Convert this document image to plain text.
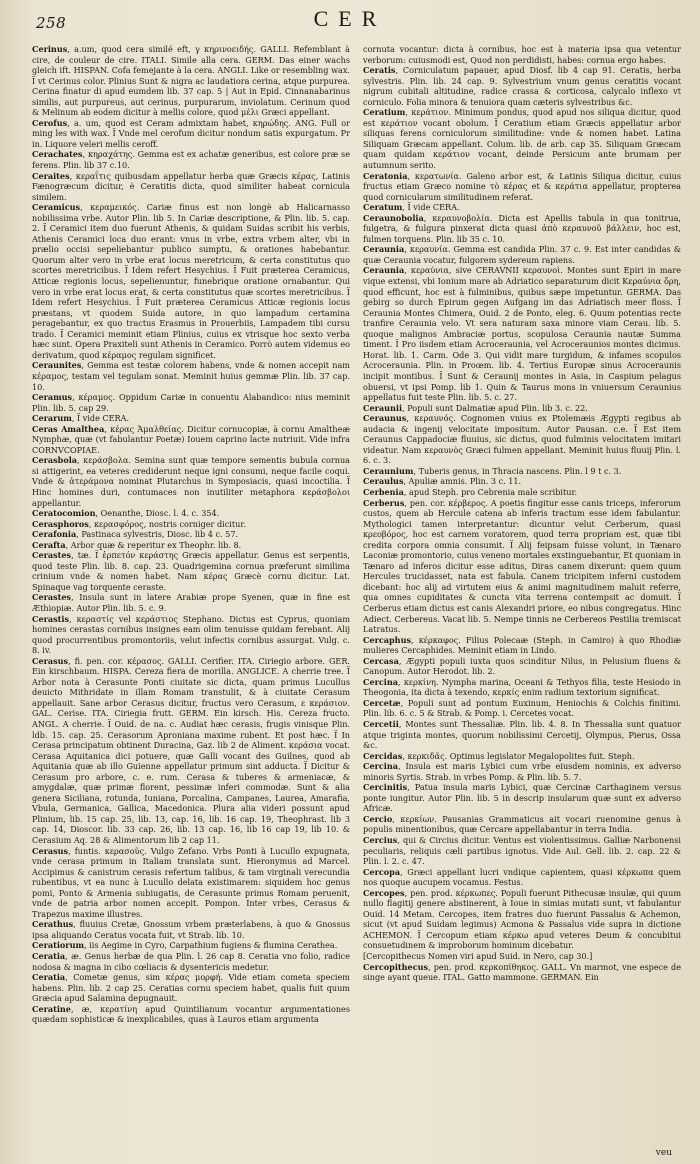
258	CER

Cerinus, a.um, quod cera similé eft, γ κηρινοειδής. GALLI. Refemblant à cire, de couleur de cire. ITALI. Simile alla cera. GERM. Das einer wachs gleich ift. HISPAN. Cofa femejante à la cera. ANGLI. Like or resembling wax. Ї vt Cerinus color. Plinius Sunt & nigra ac laudatiora cerina, atque purpurea. Cerina finatur di apud eumdem lib. 37 cap. 5 | Aut in Epid. Cinnanabarinus similis, aut purpureus, aut cerinus, purpurarum, inviolatum. Cerinum quod & Melinum ab eodem dicitur à mellis colore, quod μέλι Græci appellant.

Cerofus, a. um, quod est Ceram admixtam habet, κηρώδης. ANG. Full or ming les with wax. Ї Vnde mel cerofum dicitur nondum satis expurgatum. Pr in. Liquore veleri mellis ceroff.

Cerachates, κηραχάτης. Gemma est ex achatæ generibus, est colore præ se ferens. Plin. lib 37 c.10.

Ceraites, κεραΐτις quibusdam appellatur herba quæ Græcis κέρας, Latinis Fænogræcum dicitur, è Ceratitis dicta, quod similiter habeat cornicula similem.

Ceramicus, κεραμεικός. Cariæ finus est non longè ab Halicarnasso nobilissima vrbe. Autor Plin. lib 5. In Cariæ descriptione, & Plin. lib. 5. cap. 2. Ї Ceramici item duo fuerunt Athenis, & quidam Suidas scribit his verbis, Athenis Ceramici loca duo erant: vnus in vrbe, extra vrbem alter, vbi in prælio occisi sepeliebantur publico sumptu, & orationes habebantur. Quorum alter vero in vrbe erat locus meretricum, & certa constitutus quo scortes meretricibus. Ї Idem refert Hesychius. Ї Fuit præterea Ceramicus, Atticæ regionis locus, sepelienuntur, funebrique oratione ornabantur. Qui vero in vrbe erat locus erat, & certa constitutus quæ scortes meretricibus. Ї Idem refert Hesychius. Ї Fuit præterea Ceramicus Atticæ regionis locus præstans, vt quodem Suida autore, in quo lampadum certamina peragebantur, ex quo tractus Erasmus in Prouerbiis, Lampadem tibi cursu trado. Ї Ceramici meminit etiam Plinius, cuius ex vtrisque hoc sexto verba hæc sunt. Opera Praxiteli sunt Athenis in Ceramico. Porrò autem videmus eo derivatum, quod κέραμος regulam significet.

Ceraunites, Gemma est testæ colorem habens, vnde & nomen accepit nam κέραμος, testam vel tegulam sonat. Meminit huius gemmæ Plin. lib. 37 cap. 10.

Ceramus, κέραμος. Oppidum Cariæ in conuentu Alabandico: nius meminit Plin. lib. 5. cap 29.

Cerarum, Ї vide CERA.

Ceras Amalthea, κέρας Ἀμαλθείας. Dicitur cornucopiæ, à cornu Amaltheæ Nymphæ, quæ (vt fabulantur Poetæ) Iouem caprino lacte nutriuit. Vide infra CORNVCOPIAE.

Cerasbola, κεράσβολα. Semina sunt quæ tempore sementis bubula cornua si attigerint, ea veteres crediderunt neque igni consumi, neque facile coqui. Vnde & ἀτεράμονα nominat Plutarchus in Symposiacis, quasi incoctilia. Ї Hinc homines duri, contumaces non inutiliter metaphora κεράσβολοι appellantur.

Ceratocomion, Oenanthe, Diosc. l. 4. c. 354.

Cerasphoros, κερασφόρος, nostris corniger dicitur.

Cerafonia, Pastinaca sylvestris, Diosc. lib 4 c. 57.

Cerafta, Arbor quæ & reperitur ex Theophr. lib. 8.

Cerastes, tæ. Ї ἐρπετόν κεράστης Græcis appellatur. Genus est serpentis, quod teste Plin. lib. 8. cap. 23. Quadrigemina cornua præferunt similima crinium vnde & nomen habet. Nam κέρας Græcè cornu dicitur. Lat. Spinaque vag torquente ceraste.

Cerastes, Insula sunt in latere Arabiæ prope Syenen, quæ in fine est Æthiopiæ. Autor Plin. lib. 5. c. 9.

Cerastis, κεραστίς vel κεράστιος Stephano. Dictus est Cyprus, quoniam homines cerastas cornibus insignes eam olim tenuisse quidam ferebant. Alij quod procurrentibus promontoriis, velut infectis cornibus assurgat. Vulg. c. 8. iv.

Cerasus, fi. pen. cor. κέρασος. GALLI. Cerifier. ITA. Ciriegio arbore. GER. Ein kirschbaum. HISPA. Cereza fiera de morilla. ANGLICE. A cherrie tree. Ї Arbor nota à Cerasunte Ponti ciuitate sic dicta, quam primus Lucullus deuicto Mithridate in illam Romam transtulit, & à ciuitate Cerasum appellauit. Sane arbor Cerasus dicitur, fructus vero Cerasum, ε κεράσιον. GAL. Cerise. ITA. Ciriegia frutt. GERM. Ein kirsch. His. Cereza fructo. ANGL. A cherrie. Ї Ouid. de na. c. Audiat hæc cerasis, frugis vinisque Plin. ldb. 15. cap. 25. Cerasorum Aproniana maxime rubent. Et post hæc. Ї In Cerasa principatum obtinent Duracina, Gaz. lib 2 de Aliment. κεράσια vocat. Cerasa Aquitanica dici potuere, quæ Galli vocant des Guilnes, quod ab Aquitania quæ ab illo Guienne appellatur primum sint adducta. Ї Dicitur & Cerasum pro arbore, c. e. rum. Cerasa & tuberes & armeniacæ, & amygdalæ, quæ primæ florent, pessimæ inferi commodæ. Sunt & alia genera Siciliana, rotunda, Iuniana, Porcalina, Campanes, Laurea, Amarafia, Vbula, Germanica, Gallica, Macedonica. Plura alia videri possunt apud Plinium, lib. 15 cap. 25, lib. 13, cap. 16, lib. 16 cap. 19, Theophrast. lib 3 cap. 14, Dioscor. lib. 33 cap. 26, lib. 13 cap. 16, lib 16 cap 19, lib 10. & Cerasium Aq. 28 & Alimentorum lib 2 cap 11.

Cerasus, funtis. κερασοῦς. Vulgo Zefano. Vrbs Ponti à Lucullo expugnata, vnde cerasa primum in Italiam translata sunt. Hieronymus ad Marcel. Accipimus & canistrum cerasis refertum talibus, & tam virginali verecundia rubentibus, vt ea nunc à Lucullo delata existimarem: siquidem hoc genus pomi, Ponto & Armenia subiugatis, de Cerasunte primus Romam peruenit, vnde de patria arbor nomen accepit. Pompon. Inter vrbes, Cerasus & Trapezus maxime illustres.

Cerathus, fluuius Cretæ, Gnossum vrbem præterlabens, à quo & Gnossus ipsa aliquando Ceratus vocata fuit, vt Strab. lib. 10.

Ceratiorum, iis Aegime in Cyro, Carpathium fugiens & flumina Cerathea.

Ceratia, æ. Genus herbæ de qua Plin. l. 26 cap 8. Ceratia vno folio, radice nodosa & magna in cibo cœliacis & dysentericis medetur.

Ceratia, Cometæ genus, sim κέρας μορφή. Vide etiam cometa speciem habens. Plin. lib. 2 cap 25. Ceratias cornu speciem habet, qualis fuit quum Græcia apud Salamina depugnauit.

Ceratine, æ, κερατίνη apud Quintilianum vocantur argumentationes quædam sophisticæ & inexplicabiles, quas à Lauros etiam argumenta

cornuta vocantur: dicta à cornibus, hoc est à materia ipsa qua vetentur verborum: cuiusmodi est, Quod non perdidisti, habes: cornua ergo habes.

Ceratis, Corniculatum papauer, apud Diosf. lib 4 cap 91. Ceratis, herba sylvestris. Plin. lib. 24 cap. 9. Sylvestrium vnum genus ceratitis vocant nigrum cubitali altitudine, radice crassa & corticosa, calycalo inflexo vt corniculo. Folia minora & tenuiora quam cæteris sylvestribus &c.

Ceratium, κεράτιον. Minimum pondus, quod apud nos siliqua dicitur, quod est κεράτιον vocant obolum. Ї Ceratium etiam Græcis appellatur arbor siliquas ferens corniculorum similitudine: vnde & nomen habet. Latina Siliquam Græcam appellant. Colum. lib. de arb. cap 35. Siliquam Græcam quam quidam κεράτιον vocant, deinde Persicum ante brumam per autumnum serito.

Ceratonia, κερατωνία. Galeno arbor est, & Latinis Siliqua dicitur, cuius fructus etiam Græco nomine τὸ κέρας et & κεράτια appellatur, propterea quod cornicularum similitudinem referat.

Ceratum, Ї vide CERA.

Ceraunobolia, κεραυνοβολία. Dicta est Apellis tabula in qua tonitrua, fulgetra, & fulgura pinxerat dicta quasi ἀπὸ κεραυνοῦ βάλλειν, hoc est, fulmen torquens. Plin. lib 35 c. 10.

Ceraunia, κεραυνία. Gemma est candida Plin. 37 c. 9. Est inter candidas & quæ Ceraunia vocatur, fulgorem sydereum rapiens.

Ceraunia, κεραύνια, sive CERAVNII κεραυνοὶ. Montes sunt Epiri in mare vique extensi, vbi Ionium mare ab Adriatico separaturum dicit Κεραύνια ὄρη, quod efficunt, hoc est à fulminibus, quibus sæpe impetuntur. GERMA. Das gebirg so durch Epirum gegen Aufgang im das Adriatisch meer floss. Ї Ceraunia Montes Chimera, Ouid. 2 de Ponto, eleg. 6. Quum potentias recte tranfire Ceraunia velo. Vt sera naturam saxa minore viam Cerau. lib. 5. quoque malignos Ambraciæ portus, scopulosa Ceraunia nautæ Summa timent. Ї Pro iisdem etiam Acroceraunia, vel Acroceraunios montes dicimus. Horat. lib. 1. Carm. Ode 3. Qui vidit mare turgidum, & infames scopulos Acroceraunia. Plin. in Proœm. lib. 4. Tertius Europæ sinus Acroceraunis incipit montibus. Ї Sunt & Ceraunij montes in Asia, in Caspium pelagus obuersi, vt ipsi Pomp. lib 1. Quin & Taurus mons in vniuersum Ceraunius appellatus fuit teste Plin. lib. 5. c. 27.

Ceraunii, Populi sunt Dalmatiæ apud Plin. lib 3. c. 22.

Ceraunus, κεραυνός. Cognomen vnius ex Ptolemæis Ægypti regibus ab audacia & ingenij velocitate impositum. Autor Pausan. c.e. Ї Est item Ceraunus Cappadociæ fluuius, sic dictus, quod fulminis velocitatem imitari videatur. Nam κεραυνὸς Græci fulmen appellant. Meminit huius fluuij Plin. l. 6. c. 3.

Ceraunium, Tuberis genus, in Thracia nascens. Plin. l 9 t c. 3.

Ceraulus, Apuliæ amnis. Plin. 3 c. 11.

Cerbenia, apud Steph. pro Cebrenia male scribitur.

Cerberus, pen. cor. κέρβερος. A poetis fingitur esse canis triceps, inferorum custos, quem ab Hercule catena ab inferis tractum esse idem fabulantur. Mythologici tamen interpretantur: dicuntur velut Cerberum, quasi κρεοβόρος, hoc est carnem voratorem, quod terra propriam est, quæ tibi credita corpora omnia consumit. Ї Alij feipsam fuisse volunt, in Tænaro Laconiæ promontorio, cuius veneno mortales exstinguebantur, Et quoniam in Tænaro ad inferos dicitur esse aditus, Diras canem dixerunt: quem quum Hercules trucidasset, nata est fabula. Canem tricipitem inferni custodem dicebant: hoc alij ad virtutem eius & animi magnitudinem maluit referre, qua omnes cupiditates & cuncta vita terrena contempsit ac domuit. Ї Cerberus etiam dictus est canis Alexandri priore, eo nibus congregatus. Hinc Adiect. Cerbereus. Vacat lib. 5. Nempe tinnis ne Cerbereos Pestilia tremiscat Latratus.

Cercaphus, κέρκαφος. Filius Polecaæ (Steph. in Camiro) à quo Rhodiæ mulieres Cercaphides. Meminit etiam in Lindo.

Cercasa, Ægypti populi iuxta quos scinditur Nilus, in Pelusium fluens & Canopum. Autor Herodot. lib. 2.

Cercina, κερκίνη. Nympha marina, Oceani & Tethyos filia, teste Hesiodo in Theogonia, ita dicta à texendo, κερκίς enim radium textorium significat.

Cercetæ, Populi sunt ad pontum Euxinum, Heniochis & Colchis finitimi. Plin. lib. 6. c. 5 & Strab. & Pomp. i. Cercetes vocat.

Cercetii, Montes sunt Thessaliæ. Plin. lib. 4. 8. In Thessalia sunt quatuor atque triginta montes, quorum nobilissimi Cercetij, Olympus, Pierus, Ossa &c.

Cercidas, κερκιδᾶς. Optimus legislator Megalopolites fuit. Steph.

Cercina, Insula est maris Lybici cum vrbe eiusdem nominis, ex adverso minoris Syrtis. Strab. in vrbes Pomp. & Plin. lib. 5. 7.

Cercinitis, Patua insula maris Lybici, quæ Cercinæ Carthaginem versus ponte iungitur. Autor Plin. lib. 5 in descrip insularum quæ sunt ex adverso Africæ.

Cercio, κερκίων. Pausanias Grammaticus ait vocari ruenomine genus à populis minentionibus, quæ Cercare appellabantur in terra India.

Cercius, qui & Circius dicitur. Ventus est violentissimus. Galliæ Narbonensi peculiaris, reliquis cæli partibus ignotus. Vide Aul. Gell. lib. 2. cap. 22 & Plin. l. 2. c. 47.

Cercopa, Græci appellant lucri vndique capientem, quasi κέρκωπα quem nos quoque aucupem vocamus. Festus.

Cercopes, pen. prod. κέρκωπες. Populi fuerunt Pithecusæ insulæ, qui quum nullo flagitij genere abstinerent, à Ioue in simias mutati sunt, vt fabulantur Ouid. 14 Metam. Cercopes, item fratres duo fuerunt Passalus & Achemon, sicut (vt apud Suidam legimus) Acmona & Passalus vide supra in dictione ACHEMON. Ї Cercopum etiam κέρκω apud veteres Deum & concubitui consuetudinem & improborum hominum dicebatur.

[Cercopithecus Nomen viri apud Suid. in Nero, cap 30.]

Cercopithecus, pen. prod. κερκοπίθηκος. GALL. Vn marmot, vne espece de singe ayant queue. ITAL. Gatto mammone. GERMAN. Ein

veu
